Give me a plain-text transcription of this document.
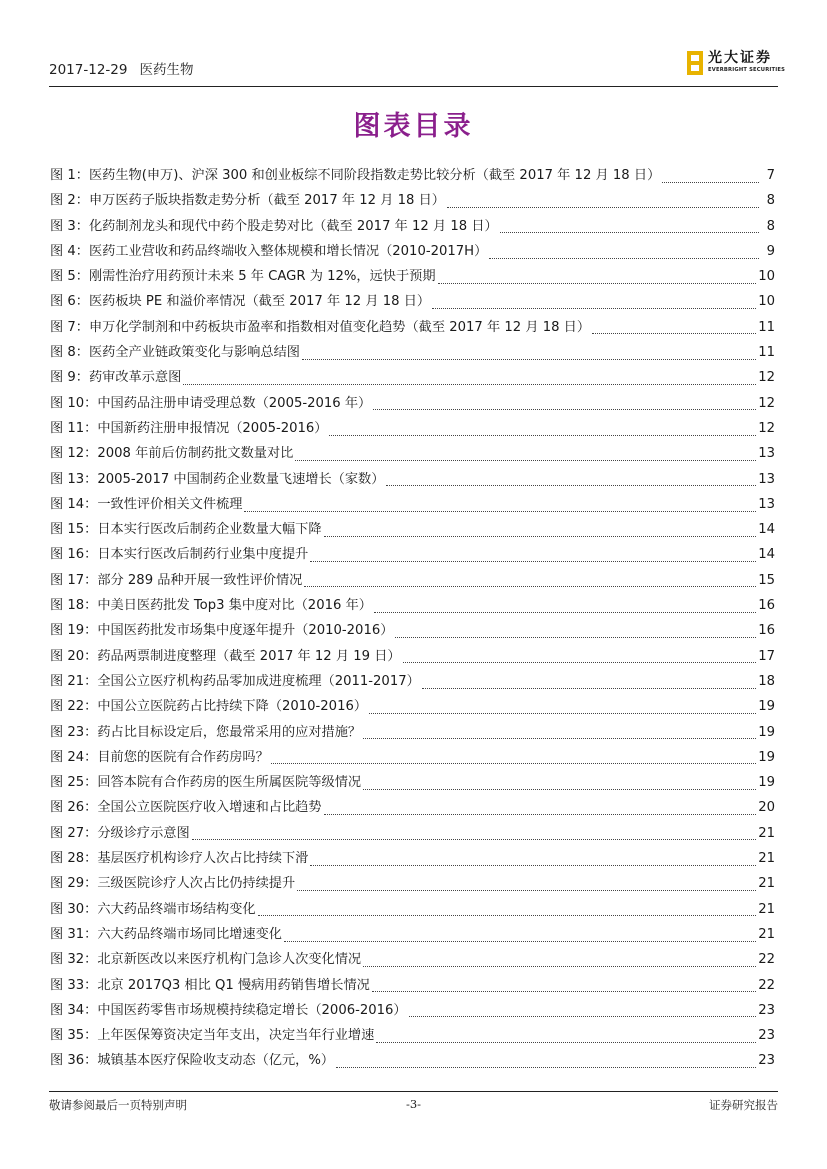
2017-12-29 医药生物
光大证券
EVERBRIGHT SECURITIES
图表目录
图 1：医药生物(申万)、沪深 300 和创业板综不同阶段指数走势比较分析（截至 2017 年 12 月 18 日）	7
图 2：申万医药子版块指数走势分析（截至 2017 年 12 月 18 日）	8
图 3：化药制剂龙头和现代中药个股走势对比（截至 2017 年 12 月 18 日）	8
图 4：医药工业营收和药品终端收入整体规模和增长情况（2010-2017H）	9
图 5：刚需性治疗用药预计未来 5 年 CAGR 为 12%，远快于预期	10
图 6：医药板块 PE 和溢价率情况（截至 2017 年 12 月 18 日）	10
图 7：申万化学制剂和中药板块市盈率和指数相对值变化趋势（截至 2017 年 12 月 18 日）	11
图 8：医药全产业链政策变化与影响总结图	11
图 9：药审改革示意图	12
图 10：中国药品注册申请受理总数（2005-2016 年）	12
图 11：中国新药注册申报情况（2005-2016）	12
图 12：2008 年前后仿制药批文数量对比	13
图 13：2005-2017 中国制药企业数量飞速增长（家数）	13
图 14：一致性评价相关文件梳理	13
图 15：日本实行医改后制药企业数量大幅下降	14
图 16：日本实行医改后制药行业集中度提升	14
图 17：部分 289 品种开展一致性评价情况	15
图 18：中美日医药批发 Top3 集中度对比（2016 年）	16
图 19：中国医药批发市场集中度逐年提升（2010-2016）	16
图 20：药品两票制进度整理（截至 2017 年 12 月 19 日）	17
图 21：全国公立医疗机构药品零加成进度梳理（2011-2017）	18
图 22：中国公立医院药占比持续下降（2010-2016）	19
图 23：药占比目标设定后，您最常采用的应对措施？	19
图 24：目前您的医院有合作药房吗？	19
图 25：回答本院有合作药房的医生所属医院等级情况	19
图 26：全国公立医院医疗收入增速和占比趋势	20
图 27：分级诊疗示意图	21
图 28：基层医疗机构诊疗人次占比持续下滑	21
图 29：三级医院诊疗人次占比仍持续提升	21
图 30：六大药品终端市场结构变化	21
图 31：六大药品终端市场同比增速变化	21
图 32：北京新医改以来医疗机构门急诊人次变化情况	22
图 33：北京 2017Q3 相比 Q1 慢病用药销售增长情况	22
图 34：中国医药零售市场规模持续稳定增长（2006-2016）	23
图 35：上年医保筹资决定当年支出，决定当年行业增速	23
图 36：城镇基本医疗保险收支动态（亿元，%）	23
敬请参阅最后一页特别声明	-3-	证券研究报告
